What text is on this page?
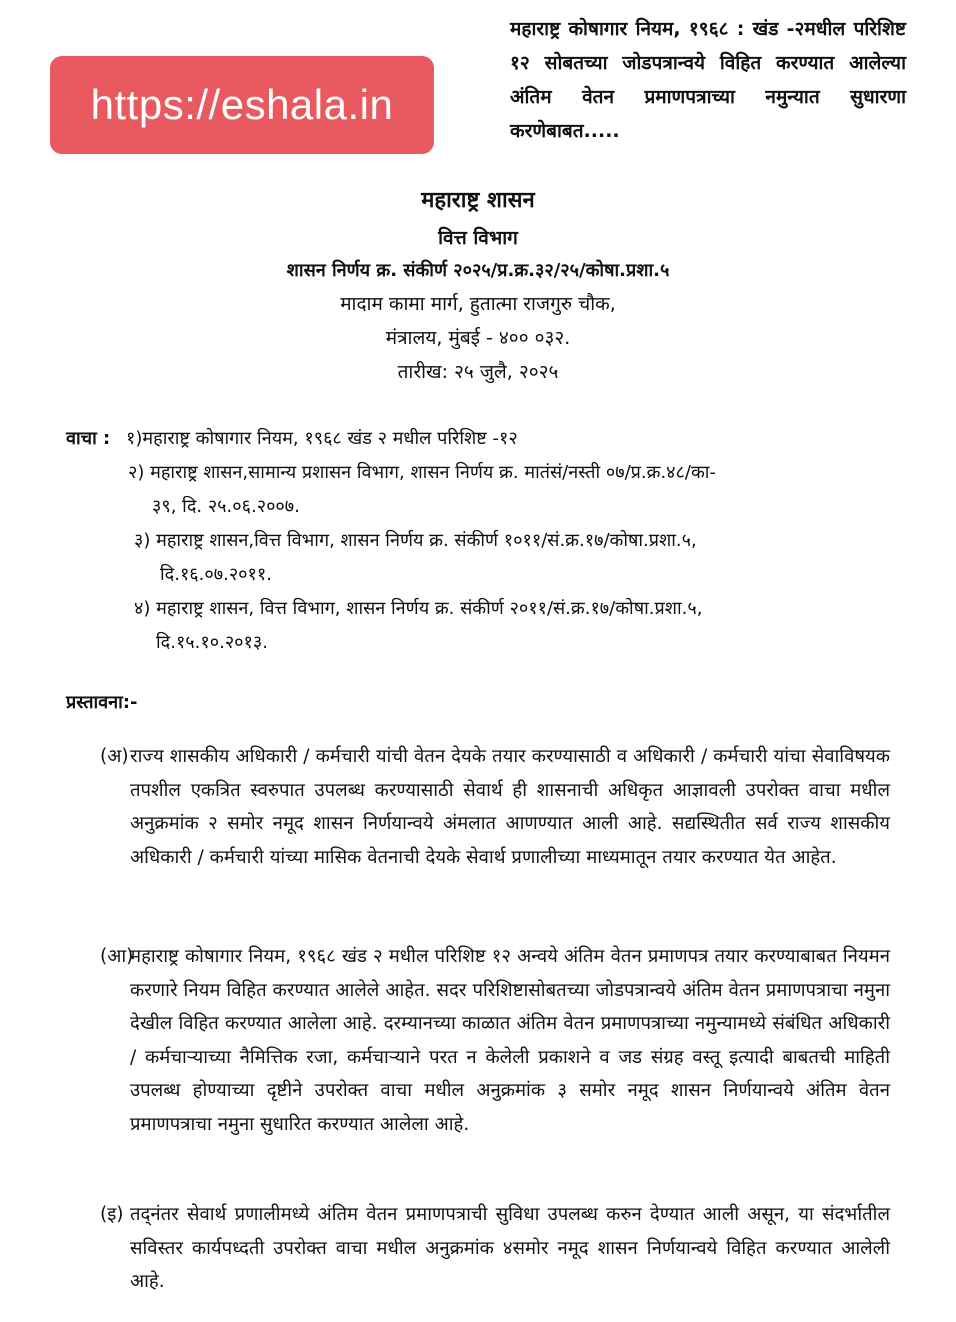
https://eshala.in
महाराष्ट्र कोषागार नियम, १९६८ : खंड -२मधील परिशिष्ट १२ सोबतच्या जोडपत्रान्वये विहित करण्यात आलेल्या अंतिम वेतन प्रमाणपत्राच्या नमुन्यात सुधारणा करणेबाबत.....
महाराष्ट्र शासन
वित्त विभाग
शासन निर्णय क्र. संकीर्ण २०२५/प्र.क्र.३२/२५/कोषा.प्रशा.५
मादाम कामा मार्ग, हुतात्मा राजगुरु चौक,
मंत्रालय, मुंबई - ४०० ०३२.
तारीख: २५ जुलै, २०२५
वाचा : १)महाराष्ट्र कोषागार नियम, १९६८ खंड २ मधील परिशिष्ट -१२
२) महाराष्ट्र शासन,सामान्य प्रशासन विभाग, शासन निर्णय क्र. मातंसं/नस्ती ०७/प्र.क्र.४८/का-
३९, दि. २५.०६.२००७.
३) महाराष्ट्र शासन,वित्त विभाग, शासन निर्णय क्र. संकीर्ण १०११/सं.क्र.१७/कोषा.प्रशा.५,
दि.१६.०७.२०११.
४) महाराष्ट्र शासन, वित्त विभाग, शासन निर्णय क्र. संकीर्ण २०११/सं.क्र.१७/कोषा.प्रशा.५,
दि.१५.१०.२०१३.
प्रस्तावना:-
(अ) राज्य शासकीय अधिकारी / कर्मचारी यांची वेतन देयके तयार करण्यासाठी व अधिकारी / कर्मचारी यांचा सेवाविषयक तपशील एकत्रित स्वरुपात उपलब्ध करण्यासाठी सेवार्थ ही शासनाची अधिकृत आज्ञावली उपरोक्त वाचा मधील अनुक्रमांक २ समोर नमूद शासन निर्णयान्वये अंमलात आणण्यात आली आहे. सद्यस्थितीत सर्व राज्य शासकीय अधिकारी / कर्मचारी यांच्या मासिक वेतनाची देयके सेवार्थ प्रणालीच्या माध्यमातून तयार करण्यात येत आहेत.
(आ)
महाराष्ट्र कोषागार नियम, १९६८ खंड २ मधील परिशिष्ट १२ अन्वये अंतिम वेतन प्रमाणपत्र तयार करण्याबाबत नियमन करणारे नियम विहित करण्यात आलेले आहेत. सदर परिशिष्टासोबतच्या जोडपत्रान्वये अंतिम वेतन प्रमाणपत्राचा नमुना देखील विहित करण्यात आलेला आहे. दरम्यानच्या काळात अंतिम वेतन प्रमाणपत्राच्या नमुन्यामध्ये संबंधित अधिकारी / कर्मचाऱ्याच्या नैमित्तिक रजा, कर्मचाऱ्याने परत न केलेली प्रकाशने व जड संग्रह वस्तू इत्यादी बाबतची माहिती उपलब्ध होण्याच्या दृष्टीने उपरोक्त वाचा मधील अनुक्रमांक ३ समोर नमूद शासन निर्णयान्वये अंतिम वेतन प्रमाणपत्राचा नमुना सुधारित करण्यात आलेला आहे.
(इ) तद्नंतर सेवार्थ प्रणालीमध्ये अंतिम वेतन प्रमाणपत्राची सुविधा उपलब्ध करुन देण्यात आली असून, या संदर्भातील सविस्तर कार्यपध्दती उपरोक्त वाचा मधील अनुक्रमांक ४समोर नमूद शासन निर्णयान्वये विहित करण्यात आलेली आहे.
